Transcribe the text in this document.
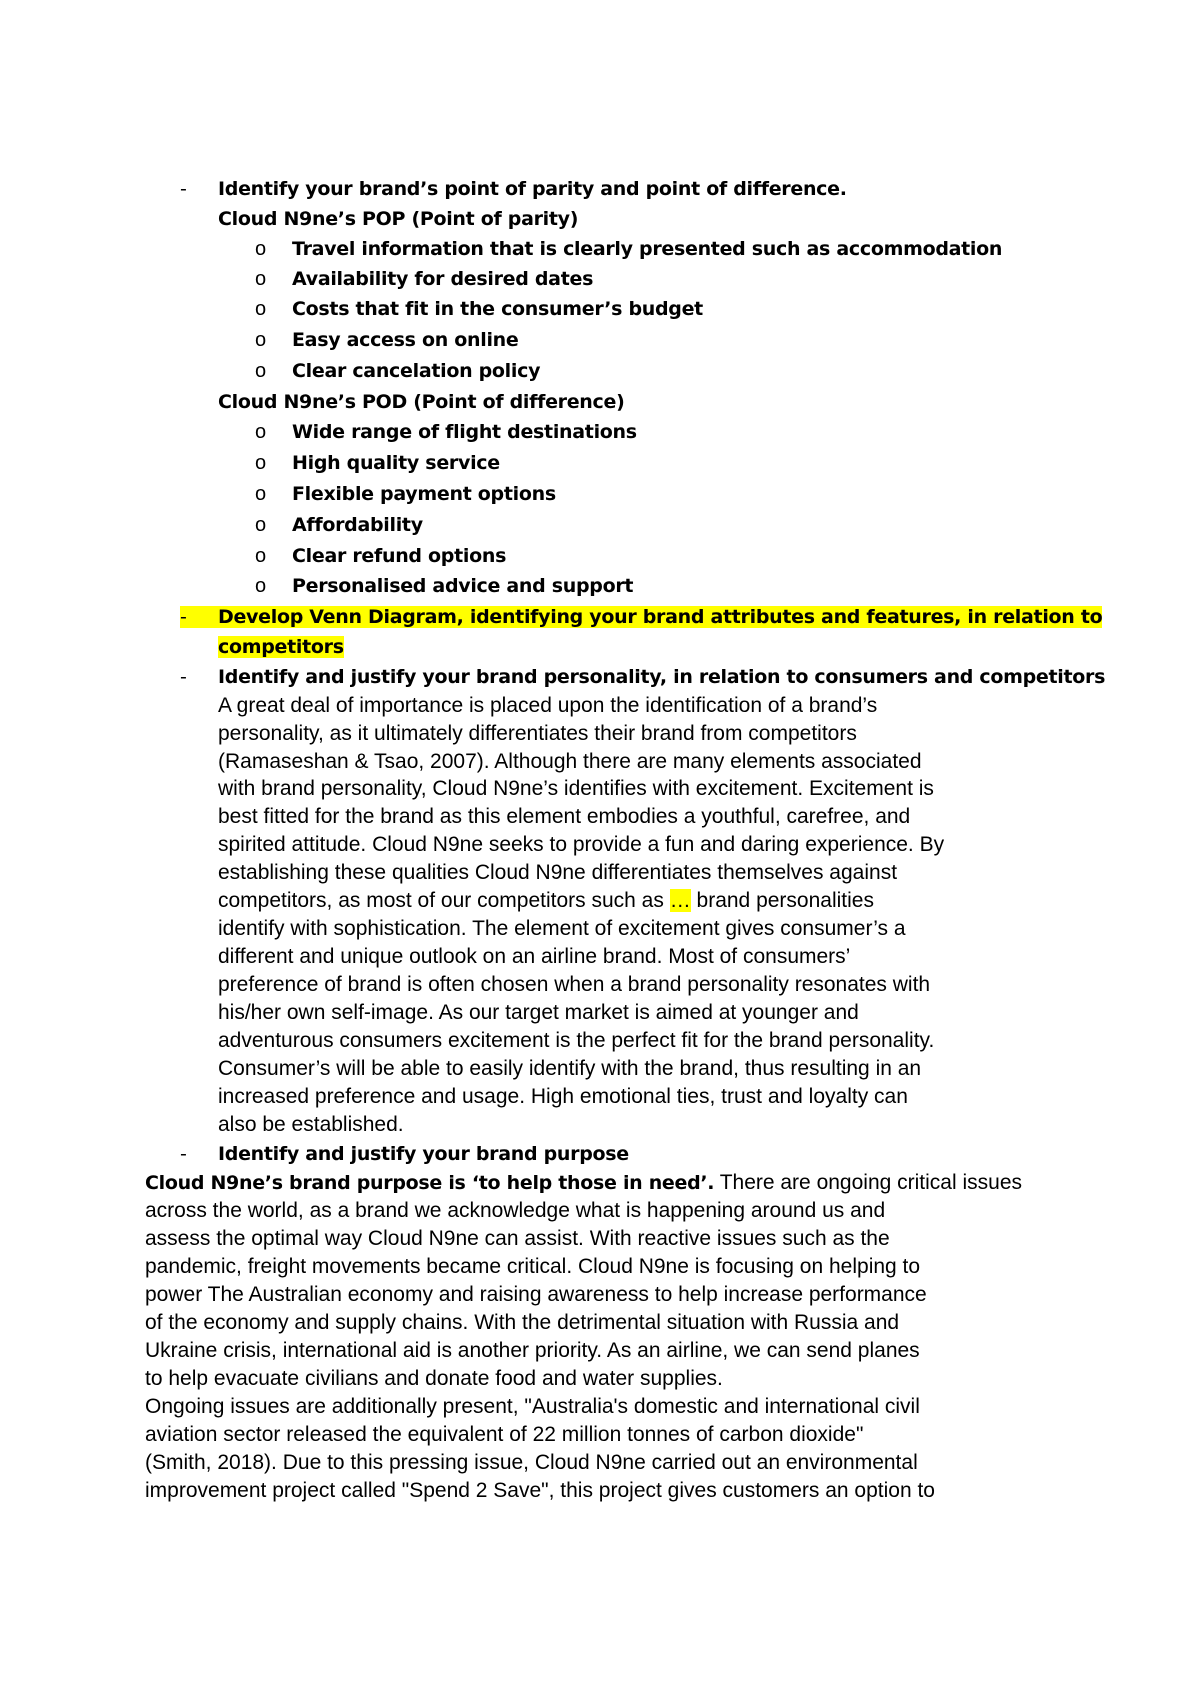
- Identify your brand’s point of parity and point of difference.
Cloud N9ne’s POP (Point of parity)
o Travel information that is clearly presented such as accommodation
o Availability for desired dates
o Costs that fit in the consumer’s budget
o Easy access on online
o Clear cancelation policy
Cloud N9ne’s POD (Point of difference)
o Wide range of flight destinations
o High quality service
o Flexible payment options
o Affordability
o Clear refund options
o Personalised advice and support
-	Develop Venn Diagram, identifying your brand attributes and features, in relation to
competitors
- Identify and justify your brand personality, in relation to consumers and competitors
A great deal of importance is placed upon the identification of a brand’s
personality, as it ultimately differentiates their brand from competitors
(Ramaseshan & Tsao, 2007). Although there are many elements associated
with brand personality, Cloud N9ne’s identifies with excitement. Excitement is
best fitted for the brand as this element embodies a youthful, carefree, and
spirited attitude. Cloud N9ne seeks to provide a fun and daring experience. By
establishing these qualities Cloud N9ne differentiates themselves against
competitors, as most of our competitors such as … brand personalities
identify with sophistication. The element of excitement gives consumer’s a
different and unique outlook on an airline brand. Most of consumers’
preference of brand is often chosen when a brand personality resonates with
his/her own self-image. As our target market is aimed at younger and
adventurous consumers excitement is the perfect fit for the brand personality.
Consumer’s will be able to easily identify with the brand, thus resulting in an
increased preference and usage. High emotional ties, trust and loyalty can
also be established.
- Identify and justify your brand purpose
Cloud N9ne’s brand purpose is ‘to help those in need’. There are ongoing critical issues
across the world, as a brand we acknowledge what is happening around us and
assess the optimal way Cloud N9ne can assist. With reactive issues such as the
pandemic, freight movements became critical. Cloud N9ne is focusing on helping to
power The Australian economy and raising awareness to help increase performance
of the economy and supply chains. With the detrimental situation with Russia and
Ukraine crisis, international aid is another priority. As an airline, we can send planes
to help evacuate civilians and donate food and water supplies.
Ongoing issues are additionally present, "Australia's domestic and international civil
aviation sector released the equivalent of 22 million tonnes of carbon dioxide"
(Smith, 2018). Due to this pressing issue, Cloud N9ne carried out an environmental
improvement project called "Spend 2 Save", this project gives customers an option to
